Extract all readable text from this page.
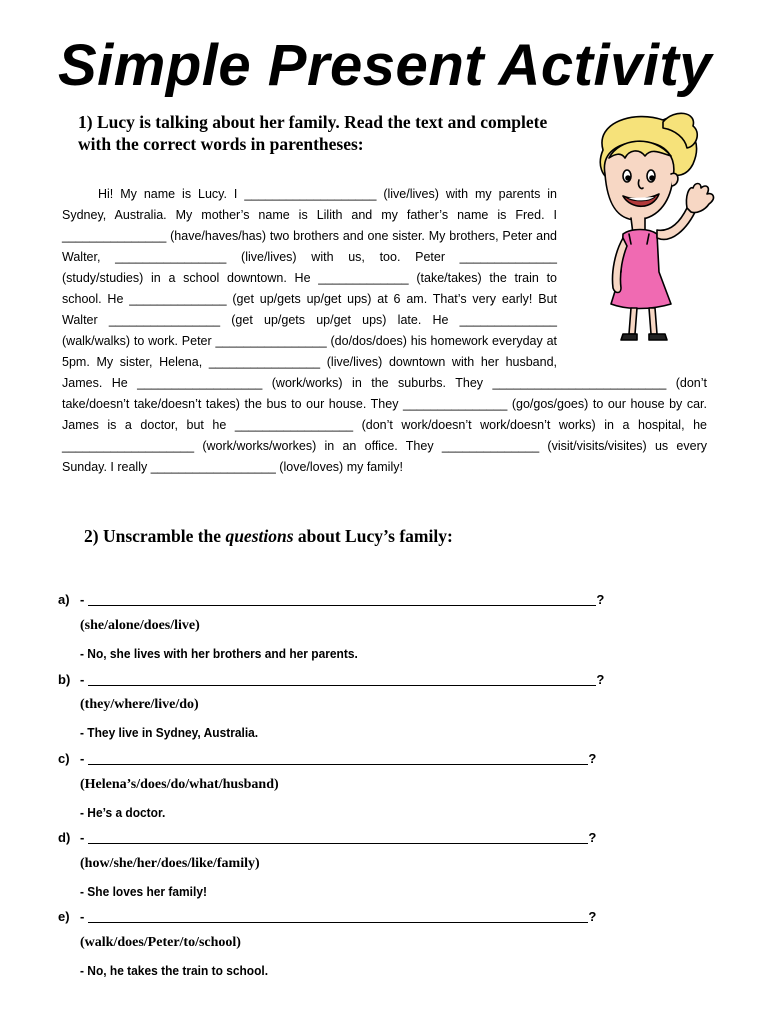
Simple Present Activity
1) Lucy is talking about her family. Read the text and complete with the correct words in parentheses:

Hi! My name is Lucy. I ___________________ (live/lives) with my parents in Sydney, Australia. My mother’s name is Lilith and my father’s name is Fred. I _______________ (have/haves/has) two brothers and one sister. My brothers, Peter and Walter, ________________ (live/lives) with us, too. Peter ______________ (study/studies) in a school downtown. He _____________ (take/takes) the train to school. He ______________ (get up/gets up/get ups) at 6 am. That’s very early! But Walter ________________ (get up/gets up/get ups) late. He ______________ (walk/walks) to work. Peter ________________ (do/dos/does) his homework everyday at 5pm. My sister, Helena, ________________ (live/lives) downtown with her husband, James. He __________________ (work/works) in the suburbs. They _________________________ (don’t take/doesn’t take/doesn’t takes) the bus to our house. They _______________ (go/gos/goes) to our house by car. James is a doctor, but he _________________ (don’t work/doesn’t work/doesn’t works) in a hospital, he ___________________ (work/works/workes) in an office. They ______________ (visit/visits/visites) us every Sunday. I really __________________ (love/loves) my family!

2) Unscramble the questions about Lucy’s family:
a) -	?
(she/alone/does/live)
- No, she lives with her brothers and her parents.
b) -	?
(they/where/live/do)
- They live in Sydney, Australia.
c) -	?
(Helena’s/does/do/what/husband)
- He’s a doctor.
d) -	?
(how/she/her/does/like/family)
- She loves her family!
e) -	?
(walk/does/Peter/to/school)
- No, he takes the train to school.
